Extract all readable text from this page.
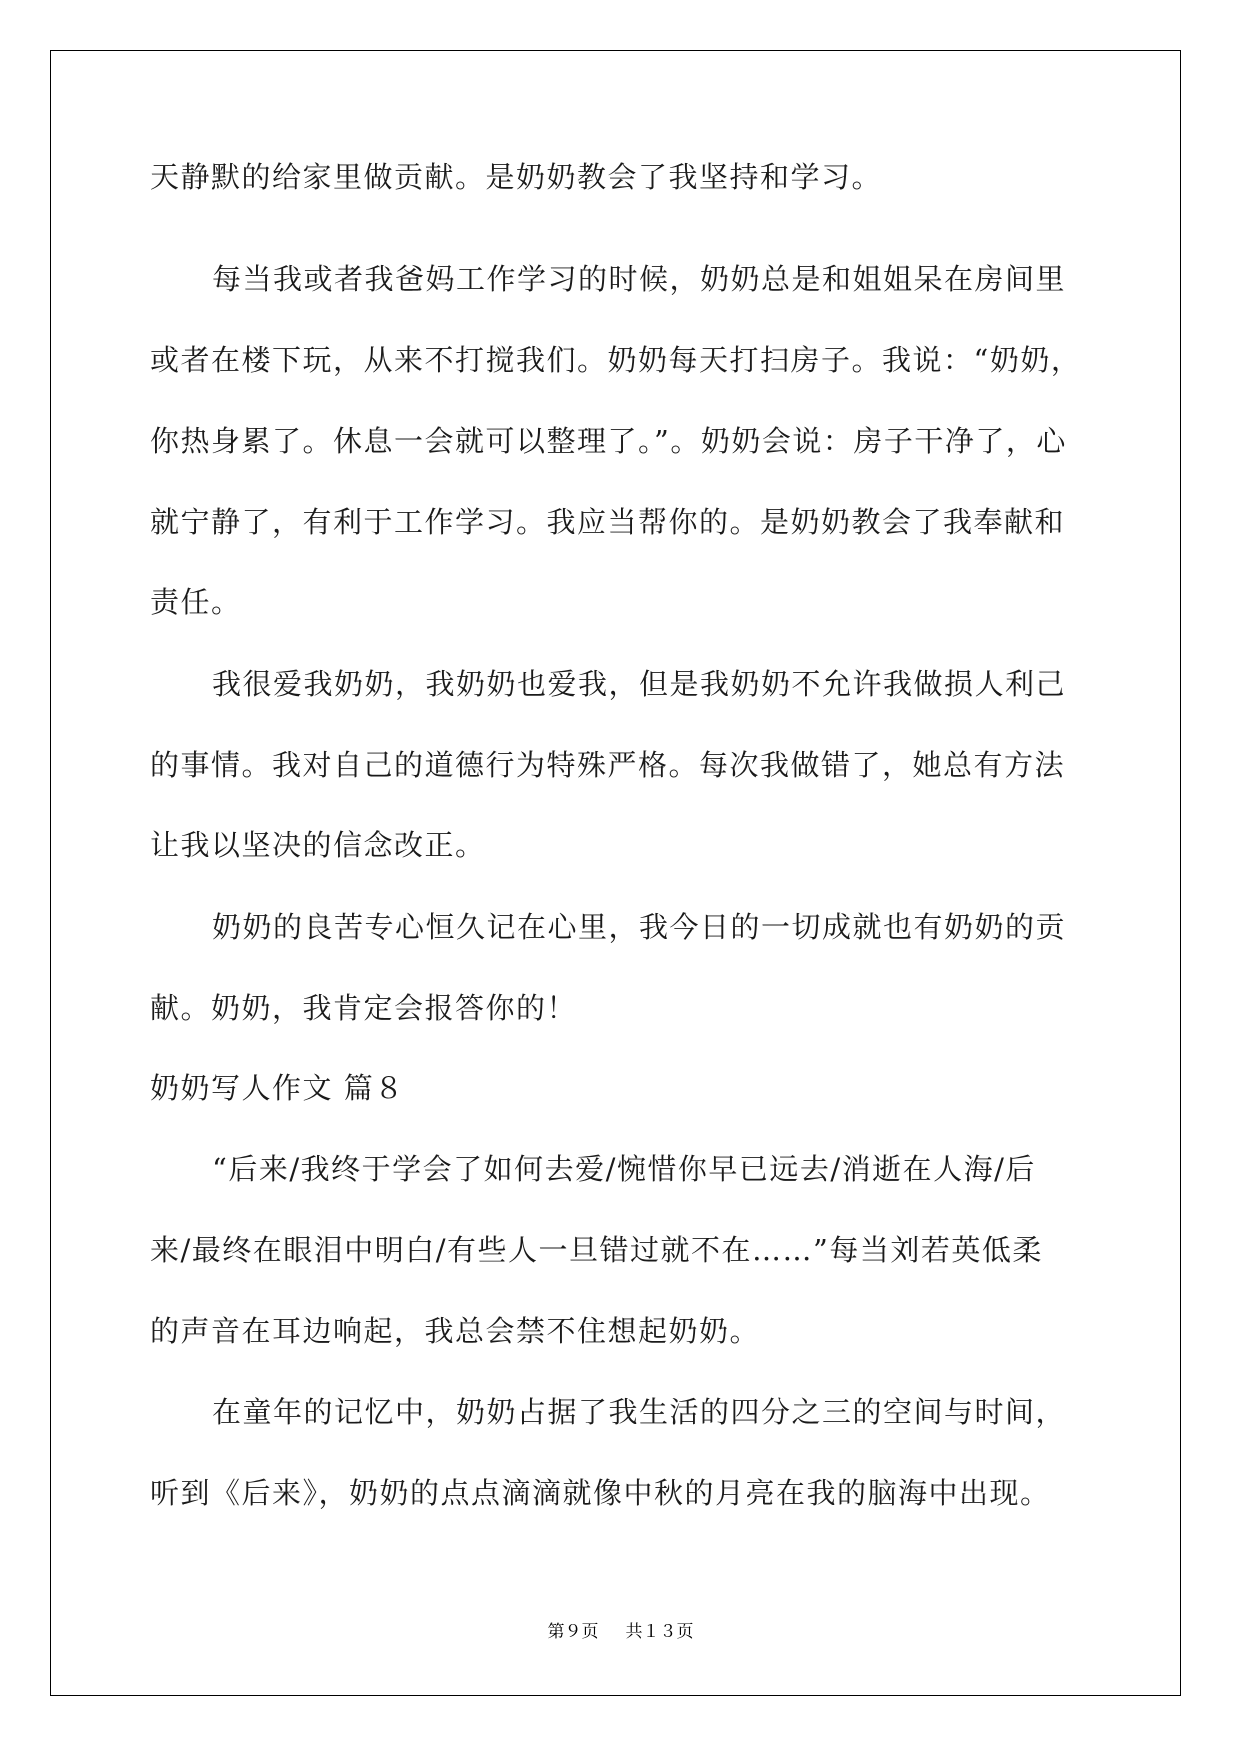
天静默的给家里做贡献。是奶奶教会了我坚持和学习。
每当我或者我爸妈工作学习的时候，奶奶总是和姐姐呆在房间里
或者在楼下玩，从来不打搅我们。奶奶每天打扫房子。我说：“奶奶，
你热身累了。休息一会就可以整理了。”。奶奶会说：房子干净了，心
就宁静了，有利于工作学习。我应当帮你的。是奶奶教会了我奉献和
责任。
我很爱我奶奶，我奶奶也爱我，但是我奶奶不允许我做损人利己
的事情。我对自己的道德行为特殊严格。每次我做错了，她总有方法
让我以坚决的信念改正。
奶奶的良苦专心恒久记在心里，我今日的一切成就也有奶奶的贡
献。奶奶，我肯定会报答你的！
奶奶写人作文 篇８
“后来/我终于学会了如何去爱/惋惜你早已远去/消逝在人海/后
来/最终在眼泪中明白/有些人一旦错过就不在……”每当刘若英低柔
的声音在耳边响起，我总会禁不住想起奶奶。
在童年的记忆中，奶奶占据了我生活的四分之三的空间与时间，
听到《后来》，奶奶的点点滴滴就像中秋的月亮在我的脑海中出现。
第９页 共１３页
